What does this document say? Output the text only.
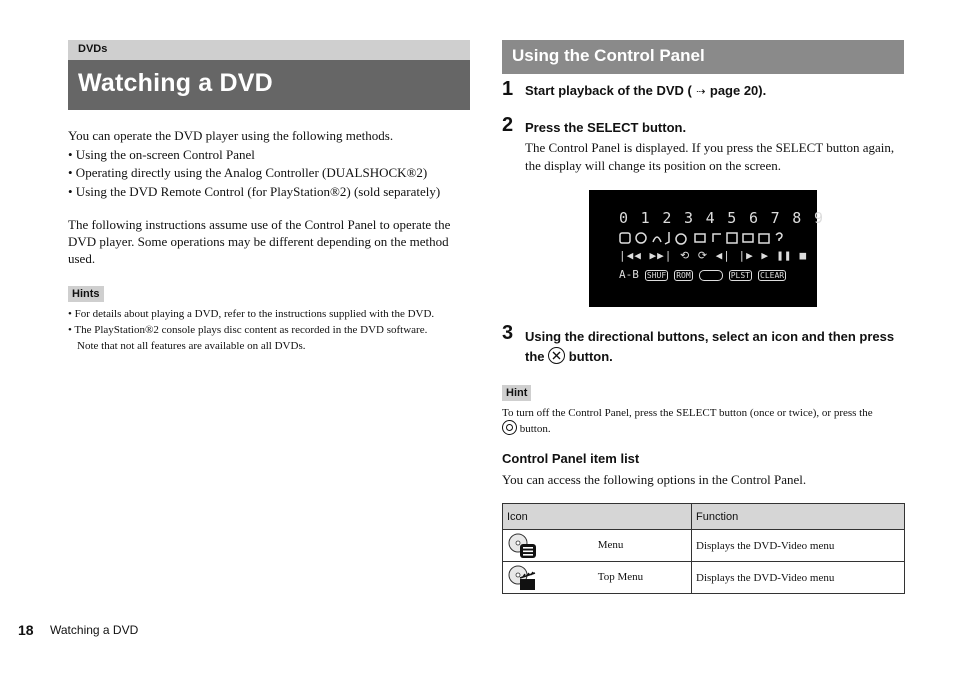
DVDs
Watching a DVD
You can operate the DVD player using the following methods.
• Using the on-screen Control Panel
• Operating directly using the Analog Controller (DUALSHOCK®2)
• Using the DVD Remote Control (for PlayStation®2) (sold separately)
The following instructions assume use of the Control Panel to operate the
DVD player. Some operations may be different depending on the method
used.
Hints
• For details about playing a DVD, refer to the instructions supplied with the DVD.
• The PlayStation®2 console plays disc content as recorded in the DVD software.
Note that not all features are available on all DVDs.
Using the Control Panel
1 Start playback of the DVD ( ⇢ page 20).
2 Press the SELECT button.
The Control Panel is displayed. If you press the SELECT button again,
the display will change its position on the screen.
0 1 2 3 4 5 6 7 8 9
|◀◀ ▶▶| ⟲ ⟳ ◀| |▶ ▶ ❚❚ ■
A-B SHUF ROM	PLST CLEAR
3 Using the directional buttons, select an icon and then press
the button.
Hint
To turn off the Control Panel, press the SELECT button (once or twice), or press the
button.
Control Panel item list
You can access the following options in the Control Panel.
Icon	Function
Menu	Displays the DVD-Video menu
Top Menu	Displays the DVD-Video menu
18 Watching a DVD
